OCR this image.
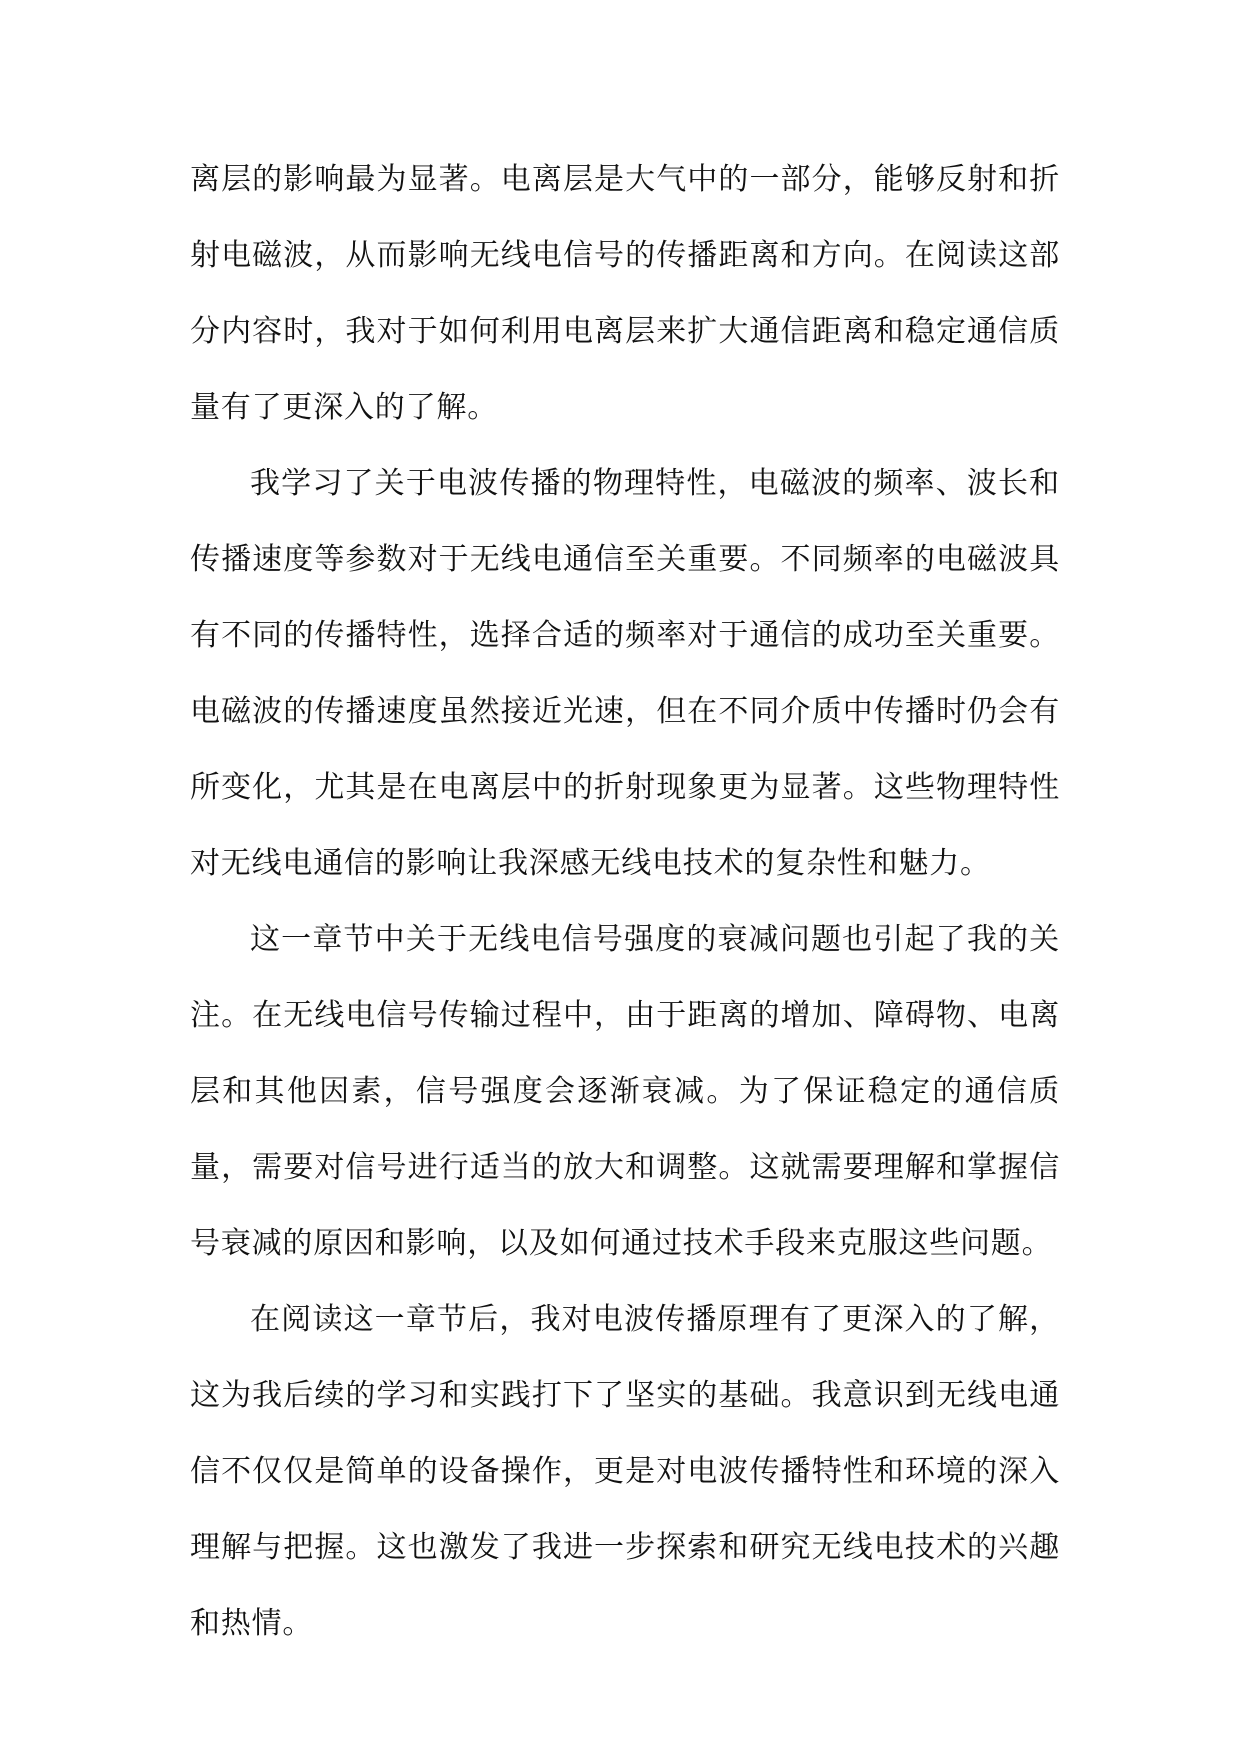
离层的影响最为显著。电离层是大气中的一部分，能够反射和折射电磁波，从而影响无线电信号的传播距离和方向。在阅读这部分内容时，我对于如何利用电离层来扩大通信距离和稳定通信质量有了更深入的了解。

我学习了关于电波传播的物理特性，电磁波的频率、波长和传播速度等参数对于无线电通信至关重要。不同频率的电磁波具有不同的传播特性，选择合适的频率对于通信的成功至关重要。电磁波的传播速度虽然接近光速，但在不同介质中传播时仍会有所变化，尤其是在电离层中的折射现象更为显著。这些物理特性对无线电通信的影响让我深感无线电技术的复杂性和魅力。

这一章节中关于无线电信号强度的衰减问题也引起了我的关注。在无线电信号传输过程中，由于距离的增加、障碍物、电离层和其他因素，信号强度会逐渐衰减。为了保证稳定的通信质量，需要对信号进行适当的放大和调整。这就需要理解和掌握信号衰减的原因和影响，以及如何通过技术手段来克服这些问题。

在阅读这一章节后，我对电波传播原理有了更深入的了解，这为我后续的学习和实践打下了坚实的基础。我意识到无线电通信不仅仅是简单的设备操作，更是对电波传播特性和环境的深入理解与把握。这也激发了我进一步探索和研究无线电技术的兴趣和热情。
